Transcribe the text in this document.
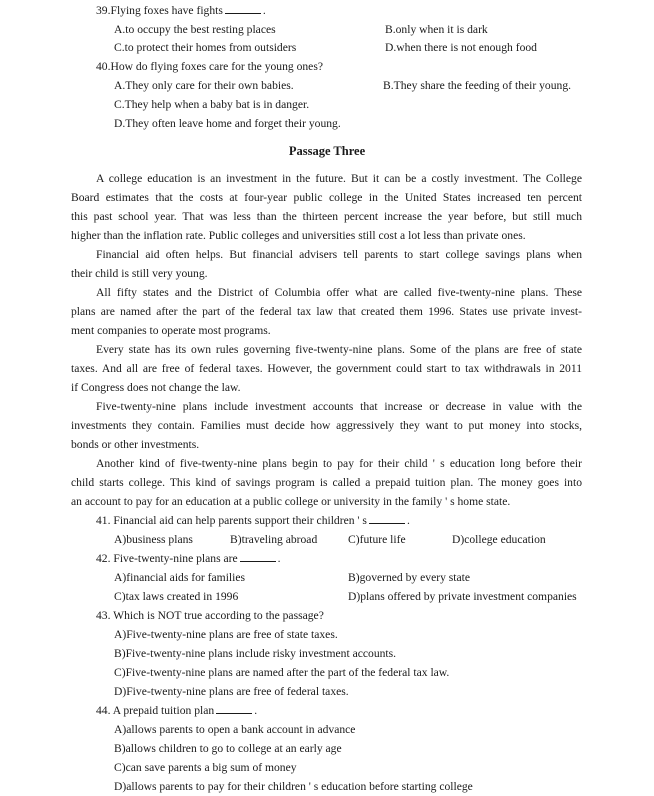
39.Flying foxes have fights	.
A.to occupy the best resting places	B.only when it is dark
C.to protect their homes from outsiders	D.when there is not enough food
40.How do flying foxes care for the young ones?
A.They only care for their own babies.	B.They share the feeding of their young.
C.They help when a baby bat is in danger.
D.They often leave home and forget their young.
Passage Three
A college education is an investment in the future. But it can be a costly investment. The College
Board estimates that the costs at four-year public college in the United States increased ten percent
this past school year. That was less than the thirteen percent increase the year before, but still much
higher than the inflation rate. Public colleges and universities still cost a lot less than private ones.
Financial aid often helps. But financial advisers tell parents to start college savings plans when
their child is still very young.
All fifty states and the District of Columbia offer what are called five-twenty-nine plans. These
plans are named after the part of the federal tax law that created them 1996. States use private invest-
ment companies to operate most programs.
Every state has its own rules governing five-twenty-nine plans. Some of the plans are free of state
taxes. And all are free of federal taxes. However, the government could start to tax withdrawals in 2011
if Congress does not change the law.
Five-twenty-nine plans include investment accounts that increase or decrease in value with the
investments they contain. Families must decide how aggressively they want to put money into stocks,
bonds or other investments.
Another kind of five-twenty-nine plans begin to pay for their child ' s education long before their
child starts college. This kind of savings program is called a prepaid tuition plan. The money goes into
an account to pay for an education at a public college or university in the family ' s home state.
41. Financial aid can help parents support their children ' s	.
A)business plans	B)traveling abroad	C)future life	D)college education
42. Five-twenty-nine plans are	.
A)financial aids for families	B)governed by every state
C)tax laws created in 1996	D)plans offered by private investment companies
43. Which is NOT true according to the passage?
A)Five-twenty-nine plans are free of state taxes.
B)Five-twenty-nine plans include risky investment accounts.
C)Five-twenty-nine plans are named after the part of the federal tax law.
D)Five-twenty-nine plans are free of federal taxes.
44. A prepaid tuition plan	.
A)allows parents to open a bank account in advance
B)allows children to go to college at an early age
C)can save parents a big sum of money
D)allows parents to pay for their children ' s education before starting college
